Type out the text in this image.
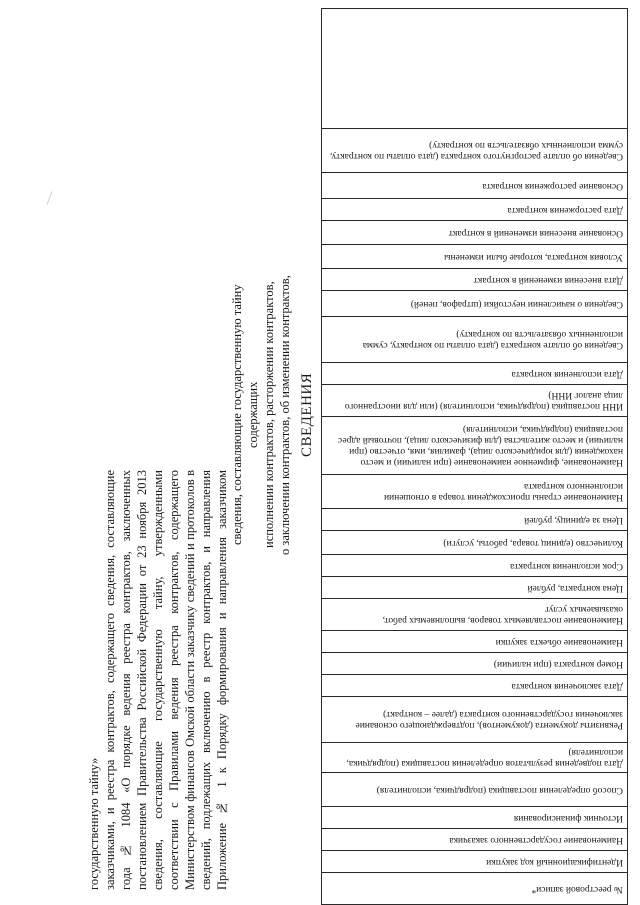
Приложение № 1 к Порядку формирования и направления заказчиком сведений, подлежащих включению в реестр контрактов, и направления Министерством финансов Омской области заказчику сведений и протоколов в соответствии с Правилами ведения реестра контрактов, содержащего сведения, составляющие государственную тайну, утвержденными постановлением Правительства Российской Федерации от 23 ноября 2013 года № 1084 «О порядке ведения реестра контрактов, заключенных заказчиками, и реестра контрактов, содержащего сведения, составляющие государственную тайну»
СВЕДЕНИЯ
о заключении контрактов, об изменении контрактов,
исполнении контрактов, расторжении контрактов, содержащих
сведения, составляющие государственную тайну
№ реестровой записи*
Идентификационный код закупки
Наименование государственного заказчика
Источник финансирования
Способ определения поставщика (подрядчика, исполнителя)
Дата подведения результатов определения поставщика (подрядчика, исполнителя)
Реквизиты документа (документов), подтверждающего основание заключения государственного контракта (далее – контракт)
Дата заключения контракта
Номер контракта (при наличии)
Наименование объекта закупки
Наименование поставляемых товаров, выполняемых работ, оказываемых услуг
Цена контракта, рублей
Срок исполнения контракта
Количество (единиц товара, работы, услуги)
Цена за единицу, рублей
Наименование страны происхождения товара в отношении исполненного контракта
Наименование, фирменное наименование (при наличии) и место нахождения (для юридического лица), фамилия, имя, отчество (при наличии) и место жительства (для физического лица), почтовый адрес поставщика (подрядчика, исполнителя)
ИНН поставщика (подрядчика, исполнителя) (или для иностранного лица аналог ИНН)
Дата исполнения контракта
Сведения об оплате контракта (дата оплаты по контракту, сумма исполненных обязательств по контракту)
Сведения о начислении неустойки (штрафов, пеней)
Дата внесения изменений в контракт
Условия контракта, которые были изменены
Основание внесения изменений в контракт
Дата расторжения контракта
Основание расторжения контракта
Сведения об оплате расторгнутого контракта (дата оплаты по контракту, сумма исполненных обязательств по контракту)
